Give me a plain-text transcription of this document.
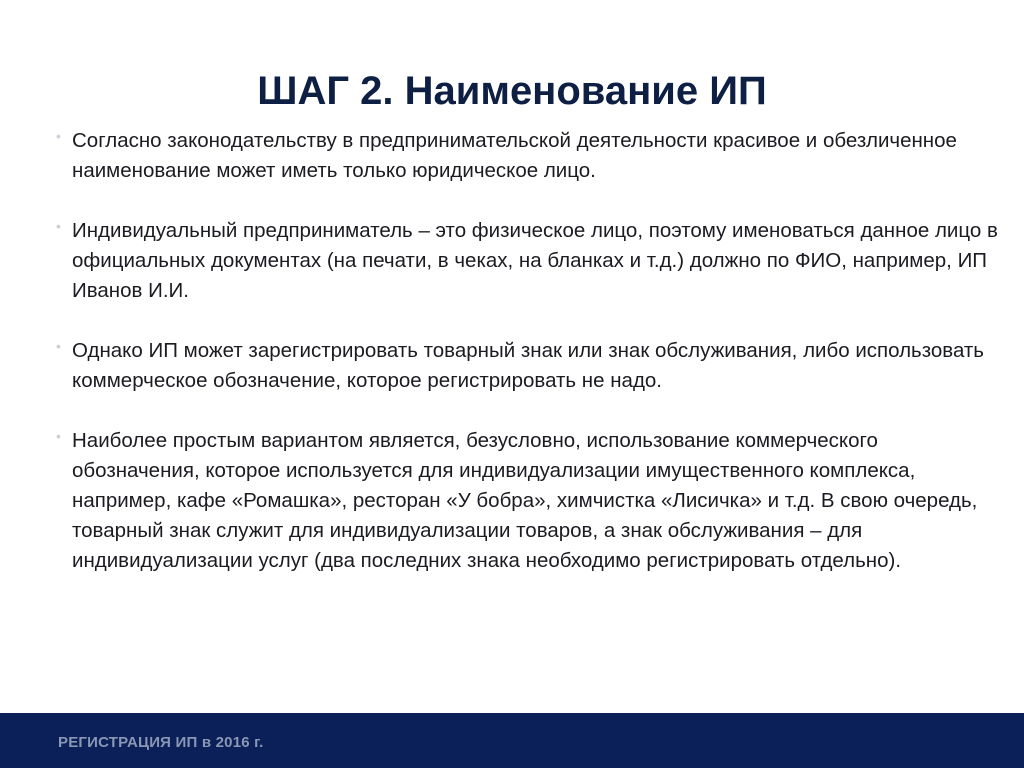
ШАГ 2. Наименование ИП
• Согласно законодательству в предпринимательской деятельности красивое и обезличенное наименование может иметь только юридическое лицо.
• Индивидуальный предприниматель – это физическое лицо, поэтому именоваться данное лицо в официальных документах (на печати, в чеках, на бланках и т.д.) должно по ФИО, например, ИП Иванов И.И.
• Однако ИП может зарегистрировать товарный знак или знак обслуживания, либо использовать коммерческое обозначение, которое регистрировать не надо.
• Наиболее простым вариантом является, безусловно, использование коммерческого обозначения, которое используется для индивидуализации имущественного комплекса, например, кафе «Ромашка», ресторан «У бобра», химчистка «Лисичка» и т.д. В свою очередь, товарный знак служит для индивидуализации товаров, а знак обслуживания – для индивидуализации услуг (два последних знака необходимо регистрировать отдельно).
РЕГИСТРАЦИЯ ИП в 2016 г.
